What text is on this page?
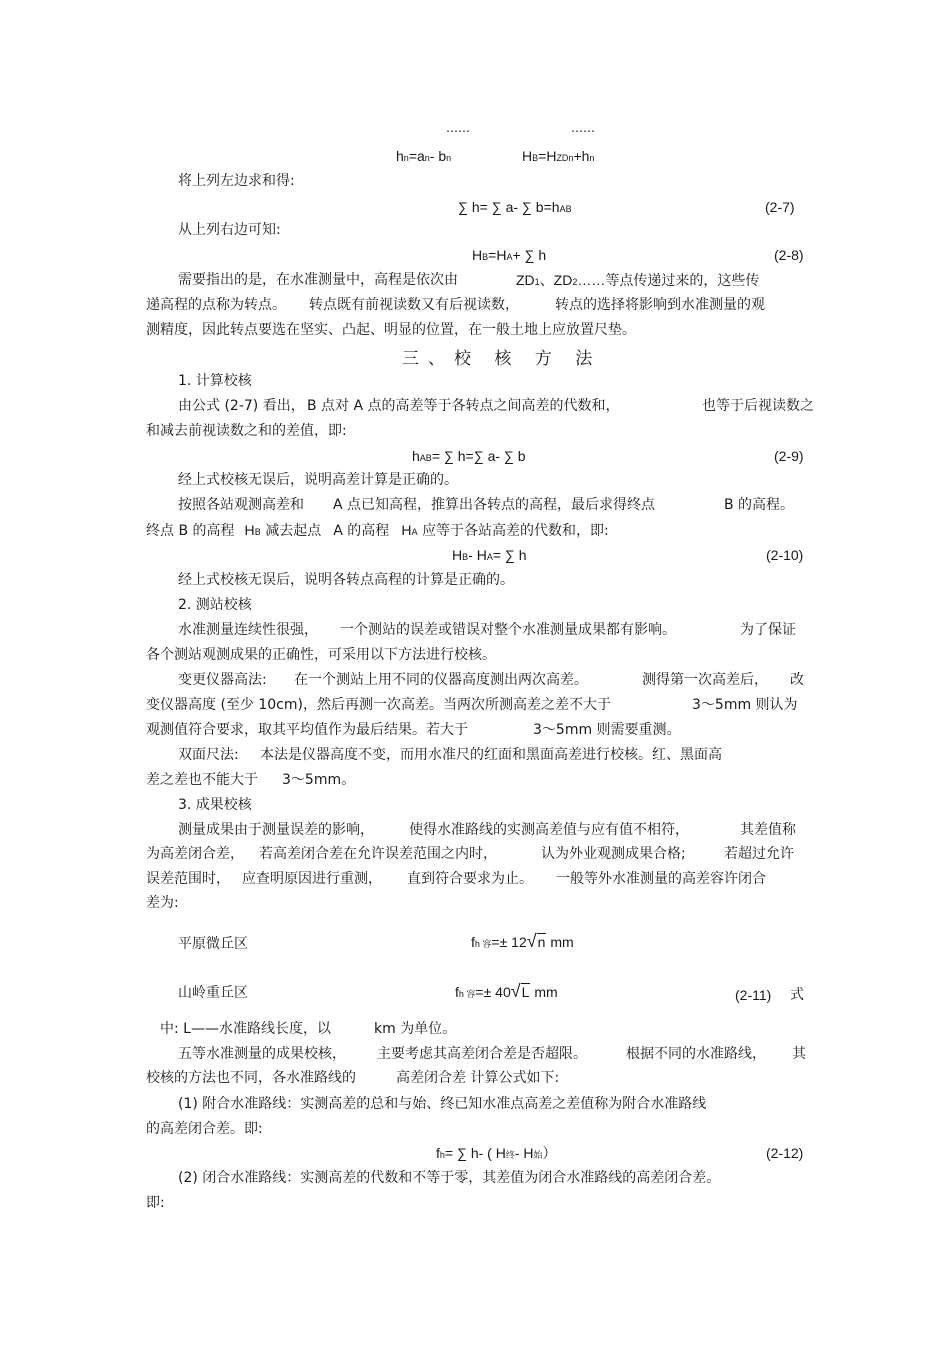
……	……
hn=an- bn	HB=HZDn+hn
将上列左边求和得:
∑ h= ∑ a- ∑ b=hAB	(2-7)
从上列右边可知:
HB=HA+ ∑ h	(2-8)
需要指出的是，在水准测量中，高程是依次由	ZD1、ZD2……等点传递过来的，这些传
递高程的点称为转点。 转点既有前视读数又有后视读数，	转点的选择将影响到水准测量的观
测精度，因此转点要选在坚实、凸起、明显的位置，在一般土地上应放置尺垫。
三、校 核 方 法
1. 计算校核
由公式 (2-7) 看出， B 点对 A 点的高差等于各转点之间高差的代数和，	也等于后视读数之
和减去前视读数之和的差值，即:
hAB= ∑ h=∑ a- ∑ b	(2-9)
经上式校核无误后，说明高差计算是正确的。
按照各站观测高差和 A 点已知高程，推算出各转点的高程，最后求得终点	B 的高程。
终点 B 的高程 HB 减去起点 A 的高程 HA 应等于各站高差的代数和，即:
HB- HA= ∑ h	(2-10)
经上式校核无误后，说明各转点高程的计算是正确的。
2. 测站校核
水准测量连续性很强， 一个测站的误差或错误对整个水准测量成果都有影响。	为了保证
各个测站观测成果的正确性，可采用以下方法进行校核。
变更仪器高法: 在一个测站上用不同的仪器高度测出两次高差。	测得第一次高差后， 改
变仪器高度 (至少 10cm)，然后再测一次高差。当两次所测高差之差不大于	3～5mm 则认为
观测值符合要求，取其平均值作为最后结果。若大于	3～5mm 则需要重测。
双面尺法: 本法是仪器高度不变，而用水准尺的红面和黑面高差进行校核。红、黑面高
差之差也不能大于 3～5mm。
3. 成果校核
测量成果由于测量误差的影响，	使得水准路线的实测高差值与应有值不相符，	其差值称
为高差闭合差， 若高差闭合差在允许误差范围之内时，	认为外业观测成果合格;	若超过允许
误差范围时， 应查明原因进行重测， 直到符合要求为止。 一般等外水准测量的高差容许闭合
差为:
平原微丘区	fh 容=± 12√n mm
山岭重丘区	fh 容=± 40√L mm	(2-11) 式
中: L——水准路线长度，以	km 为单位。
五等水准测量的成果校核， 主要考虑其高差闭合差是否超限。	根据不同的水准路线， 其
校核的方法也不同，各水准路线的	高差闭合差 计算公式如下:
(1) 附合水准路线：实测高差的总和与始、终已知水准点高差之差值称为附合水准路线
的高差闭合差。即:
fh= ∑ h- ( H终- H始）	(2-12)
(2) 闭合水准路线：实测高差的代数和不等于零，其差值为闭合水准路线的高差闭合差。
即:
